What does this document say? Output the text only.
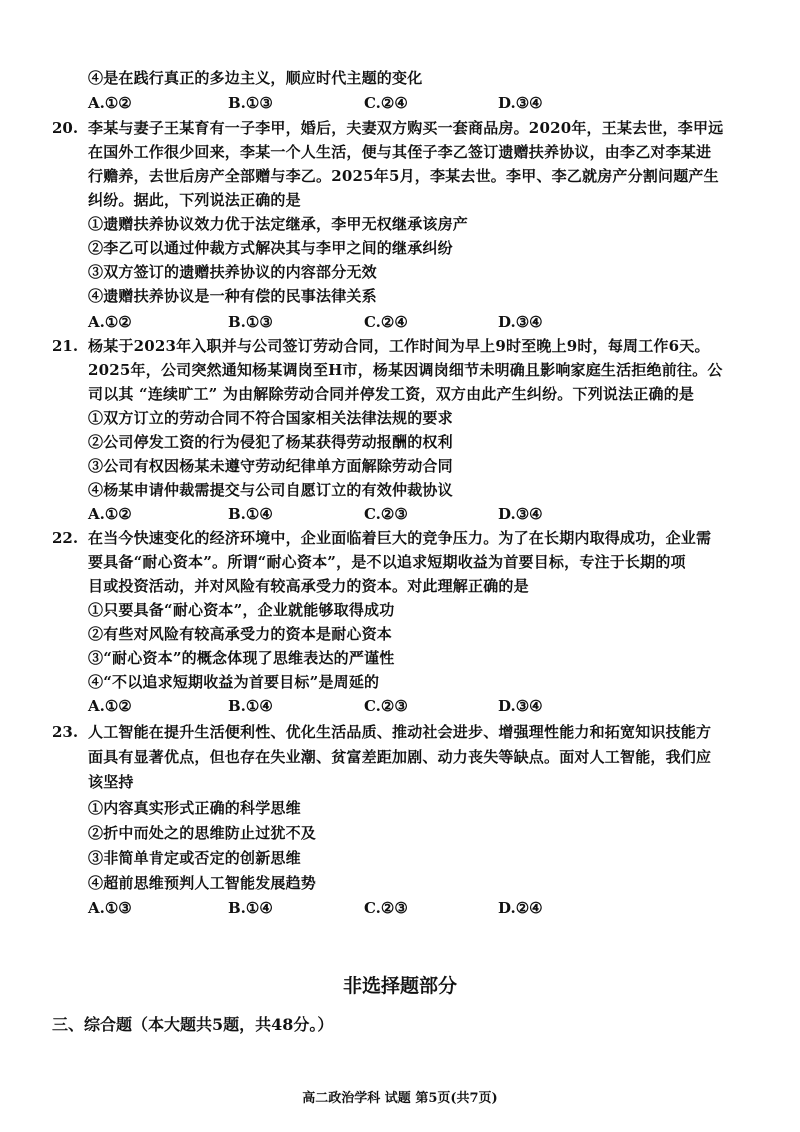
④是在践行真正的多边主义，顺应时代主题的变化
A.①②	B.①③	C.②④	D.③④
20. 李某与妻子王某育有一子李甲，婚后，夫妻双方购买一套商品房。2020年，王某去世，李甲远
在国外工作很少回来，李某一个人生活，便与其侄子李乙签订遗赠扶养协议，由李乙对李某进
行赡养，去世后房产全部赠与李乙。2025年5月，李某去世。李甲、李乙就房产分割问题产生
纠纷。据此，下列说法正确的是
①遗赠扶养协议效力优于法定继承，李甲无权继承该房产
②李乙可以通过仲裁方式解决其与李甲之间的继承纠纷
③双方签订的遗赠扶养协议的内容部分无效
④遗赠扶养协议是一种有偿的民事法律关系
A.①②	B.①③	C.②④	D.③④
21. 杨某于2023年入职并与公司签订劳动合同，工作时间为早上9时至晚上9时，每周工作6天。
2025年，公司突然通知杨某调岗至H市，杨某因调岗细节未明确且影响家庭生活拒绝前往。公
司以其 “连续旷工” 为由解除劳动合同并停发工资，双方由此产生纠纷。下列说法正确的是
①双方订立的劳动合同不符合国家相关法律法规的要求
②公司停发工资的行为侵犯了杨某获得劳动报酬的权利
③公司有权因杨某未遵守劳动纪律单方面解除劳动合同
④杨某申请仲裁需提交与公司自愿订立的有效仲裁协议
A.①②	B.①④	C.②③	D.③④
22. 在当今快速变化的经济环境中，企业面临着巨大的竞争压力。为了在长期内取得成功，企业需
要具备“耐心资本”。所谓“耐心资本”，是不以追求短期收益为首要目标，专注于长期的项
目或投资活动，并对风险有较高承受力的资本。对此理解正确的是
①只要具备“耐心资本”，企业就能够取得成功
②有些对风险有较高承受力的资本是耐心资本
③“耐心资本”的概念体现了思维表达的严谨性
④“不以追求短期收益为首要目标”是周延的
A.①②	B.①④	C.②③	D.③④
23. 人工智能在提升生活便利性、优化生活品质、推动社会进步、增强理性能力和拓宽知识技能方
面具有显著优点，但也存在失业潮、贫富差距加剧、动力丧失等缺点。面对人工智能，我们应
该坚持
①内容真实形式正确的科学思维
②折中而处之的思维防止过犹不及
③非简单肯定或否定的创新思维
④超前思维预判人工智能发展趋势
A.①③	B.①④	C.②③	D.②④
非选择题部分
三、综合题（本大题共5题，共48分。）
高二政治学科 试题 第5页(共7页)
